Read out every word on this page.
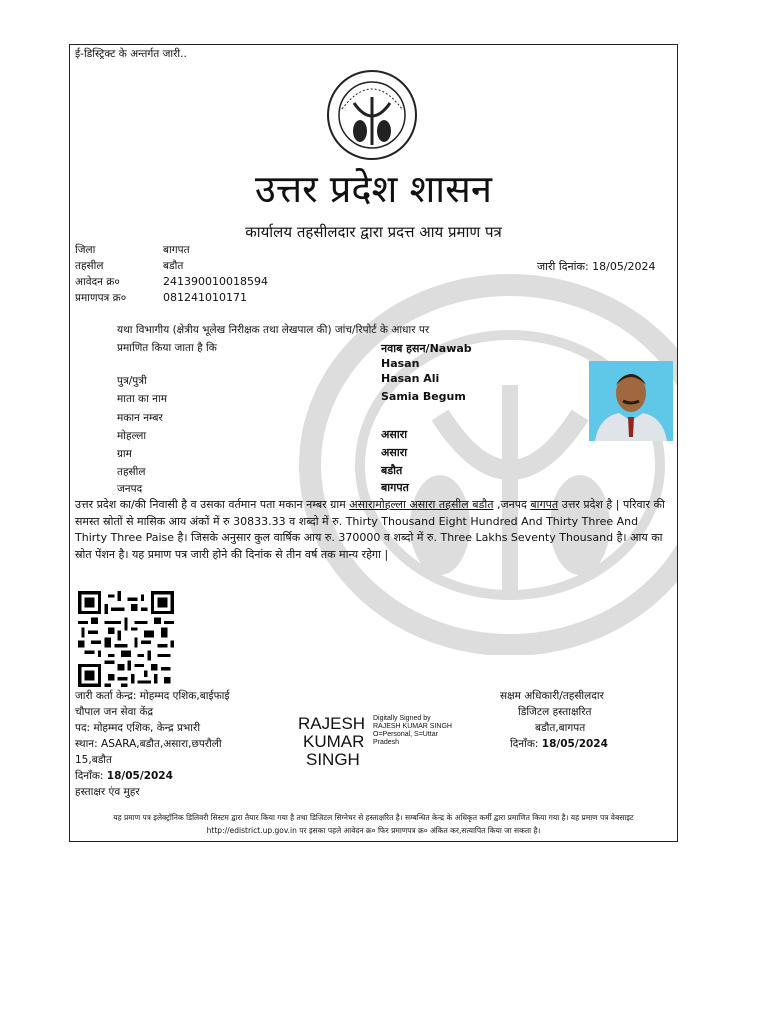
ई-डिस्ट्रिक्ट के अन्तर्गत जारी..
उत्तर प्रदेश शासन
कार्यालय तहसीलदार द्वारा प्रदत्त आय प्रमाण पत्र
जिला	बागपत
तहसील	बडौत
आवेदन क्र०	241390010018594
प्रमाणपत्र क्र०	081241010171
जारी दिनांक: 18/05/2024
यथा विभागीय (क्षेत्रीय भूलेख निरीक्षक तथा लेखपाल की) जांच/रिपोर्ट के आधार पर
प्रमाणित किया जाता है कि	नवाब हसन/Nawab
Hasan
पुत्र/पुत्री	Hasan Ali
माता का नाम	Samia Begum
मकान नम्बर
मोहल्ला	असारा
ग्राम	असारा
तहसील	बडौत
जनपद	बागपत
उत्तर प्रदेश का/की निवासी है व उसका वर्तमान पता मकान नम्बर ग्राम असारामोहल्ला असारा तहसील बडौत ,जनपद बागपत उत्तर प्रदेश है | परिवार की समस्त स्रोतों से मासिक आय अंकों में रु 30833.33 व शब्दो में रु. Thirty Thousand Eight Hundred And Thirty Three And Thirty Three Paise है। जिसके अनुसार कुल वार्षिक आय रु. 370000 व शब्दो में रु. Three Lakhs Seventy Thousand है। आय का स्रोत पेंशन है। यह प्रमाण पत्र जारी होने की दिनांक से तीन वर्ष तक मान्य रहेगा |
जारी कर्ता केन्द्र: मोहम्मद एशिक,बाईफाई
चौपाल जन सेवा केंद्र
पद: मोहम्मद एशिक, केन्द्र प्रभारी
स्थान: ASARA,बडौत,असारा,छपरौली
15,बडौत
दिनाँक: 18/05/2024
हस्ताक्षर एंव मुहर
RAJESH
KUMAR
SINGH
Digitally Signed by
RAJESH KUMAR SINGH
O=Personal, S=Uttar
Pradesh
सक्षम अधिकारी/तहसीलदार
डिजिटल हस्ताक्षरित
बडौत,बागपत
दिनाँक: 18/05/2024
यह प्रमाण पत्र इलेक्ट्रॉनिक डिलिवरी सिस्टम द्वारा तैयार किया गया है तथा डिजिटल सिग्नेचर से हस्ताक्षरित है। सम्बन्धित केन्द्र के अधिकृत कर्मी द्वारा प्रमाणित किया गया है। यह प्रमाण पत्र वेबसाइट http://edistrict.up.gov.in पर इसका पहले आवेदन क्र० फिर प्रमाणपत्र क्र० अंकित कर,सत्यापित किया जा सकता है।
